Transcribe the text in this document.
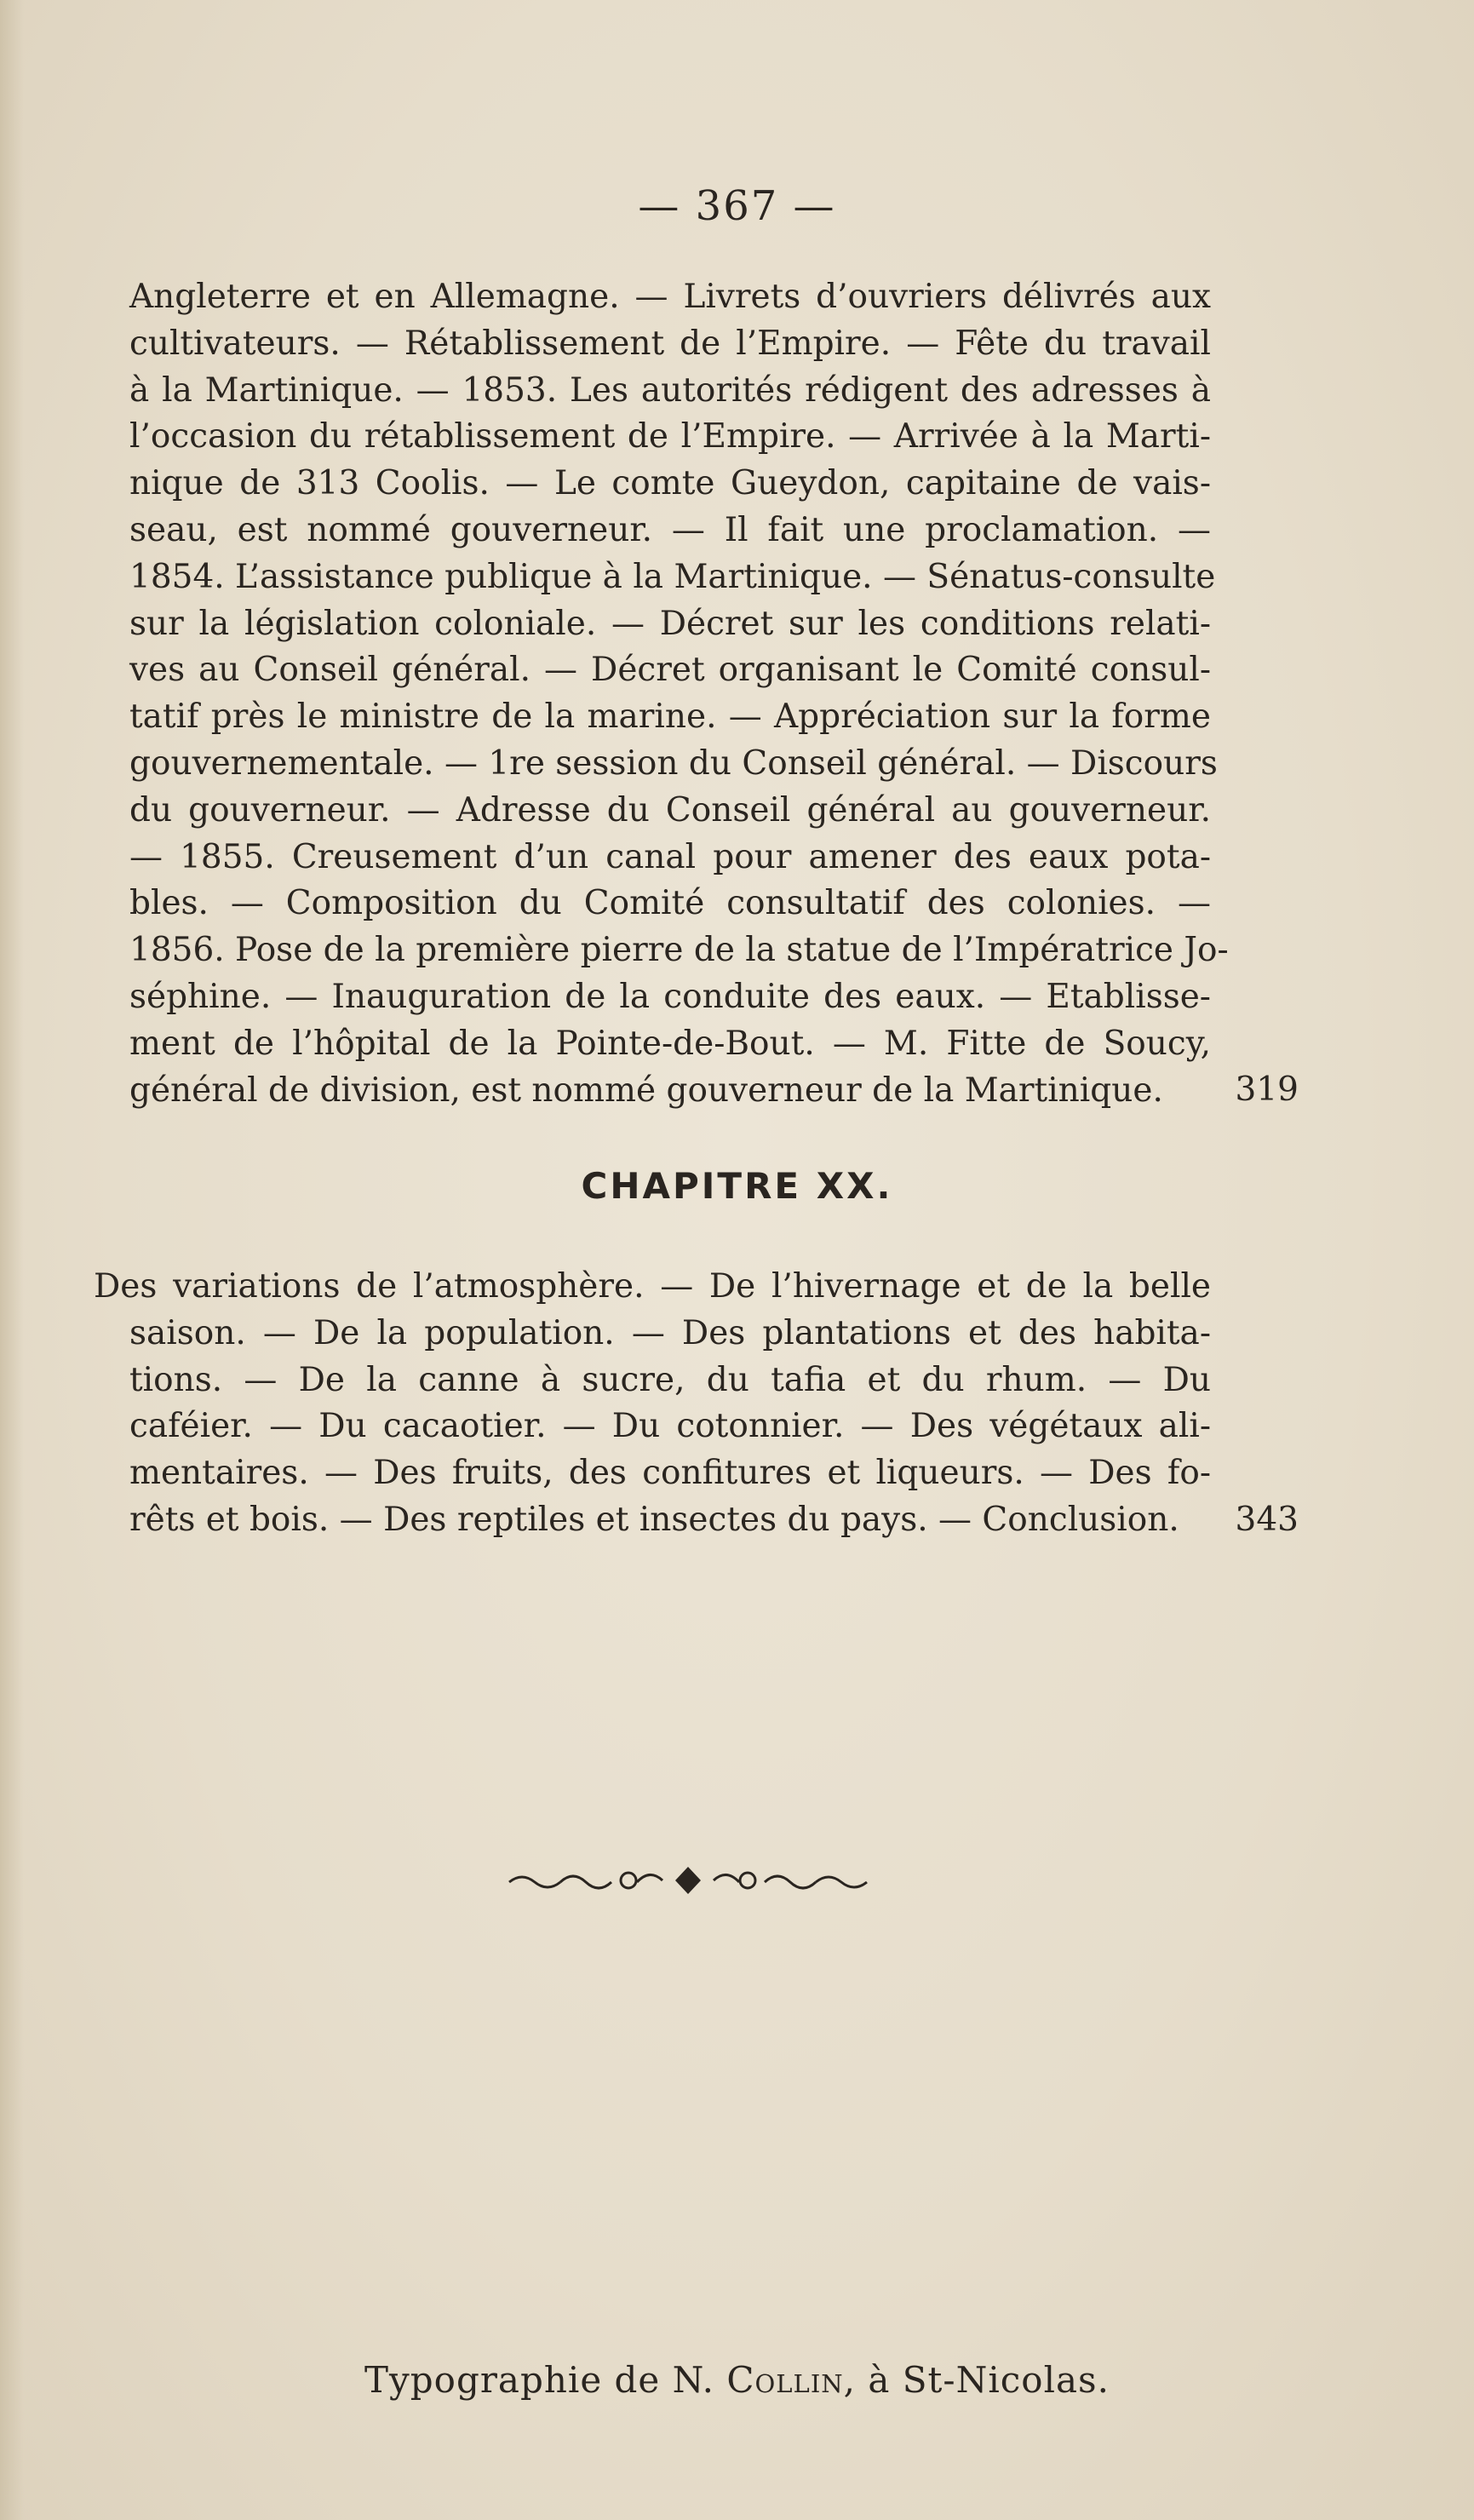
— 367 —
Angleterre et en Allemagne. — Livrets d’ouvriers délivrés aux
cultivateurs. — Rétablissement de l’Empire. — Fête du travail
à la Martinique. — 1853. Les autorités rédigent des adresses à
l’occasion du rétablissement de l’Empire. — Arrivée à la Marti-
nique de 313 Coolis. — Le comte Gueydon, capitaine de vais-
seau, est nommé gouverneur. — Il fait une proclamation. —
1854. L’assistance publique à la Martinique. — Sénatus-consulte
sur la législation coloniale. — Décret sur les conditions relati-
ves au Conseil général. — Décret organisant le Comité consul-
tatif près le ministre de la marine. — Appréciation sur la forme
gouvernementale. — 1re session du Conseil général. — Discours
du gouverneur. — Adresse du Conseil général au gouverneur.
— 1855. Creusement d’un canal pour amener des eaux pota-
bles. — Composition du Comité consultatif des colonies. —
1856. Pose de la première pierre de la statue de l’Impératrice Jo-
séphine. — Inauguration de la conduite des eaux. — Etablisse-
ment de l’hôpital de la Pointe-de-Bout. — M. Fitte de Soucy,
général de division, est nommé gouverneur de la Martinique.	319
CHAPITRE XX.
Des variations de l’atmosphère. — De l’hivernage et de la belle
saison. — De la population. — Des plantations et des habita-
tions. — De la canne à sucre, du tafia et du rhum. — Du
caféier. — Du cacaotier. — Du cotonnier. — Des végétaux ali-
mentaires. — Des fruits, des confitures et liqueurs. — Des fo-
rêts et bois. — Des reptiles et insectes du pays. — Conclusion.	343
Typographie de N. Collin, à St-Nicolas.
